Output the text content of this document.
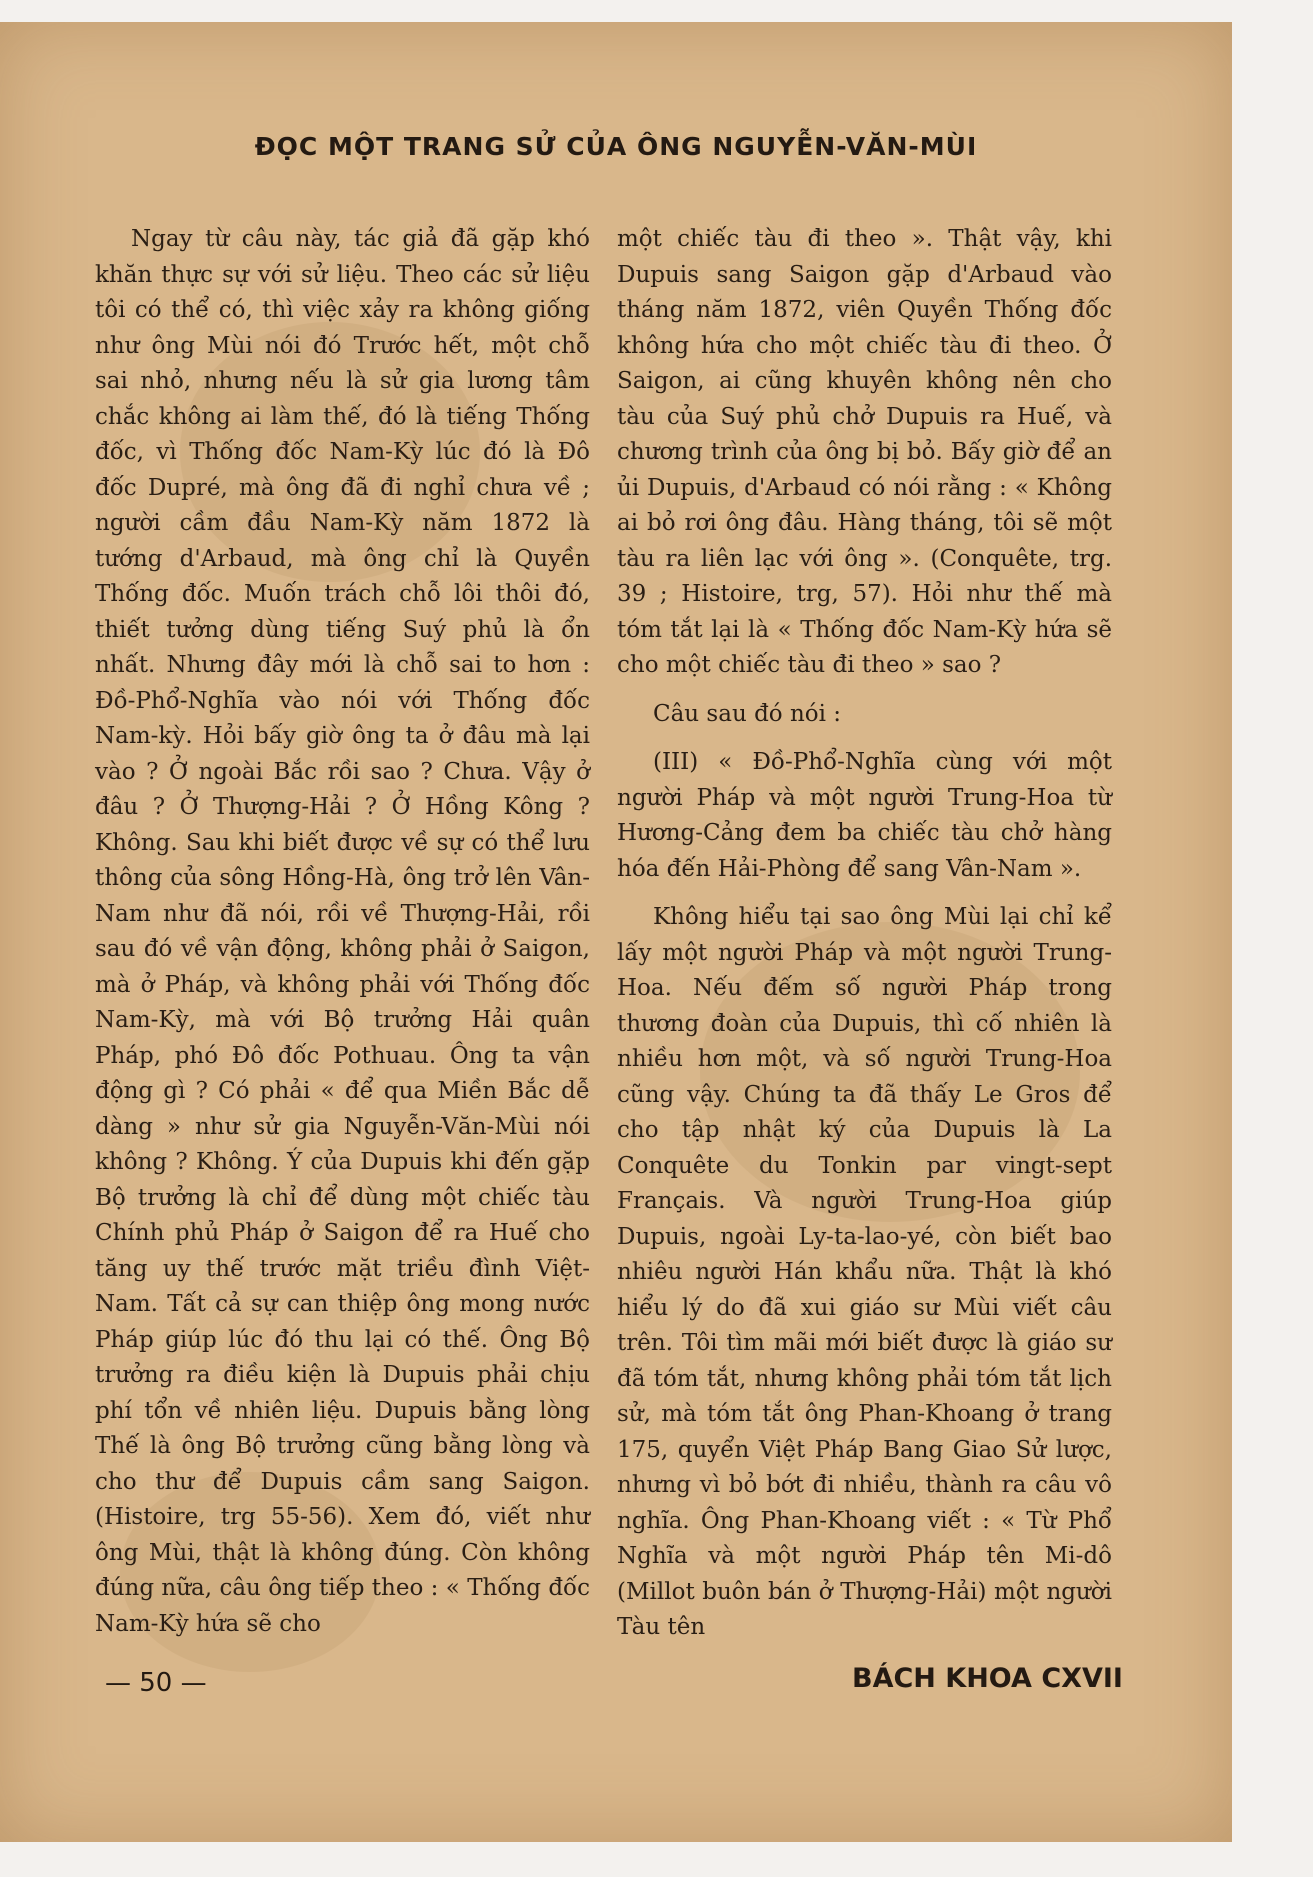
ĐỌC MỘT TRANG SỬ CỦA ÔNG NGUYỄN-VĂN-MÙI

Ngay từ câu này, tác giả đã gặp khó khăn thực sự với sử liệu. Theo các sử liệu tôi có thể có, thì việc xảy ra không giống như ông Mùi nói đó Trước hết, một chỗ sai nhỏ, nhưng nếu là sử gia lương tâm chắc không ai làm thế, đó là tiếng Thống đốc, vì Thống đốc Nam-Kỳ lúc đó là Đô đốc Dupré, mà ông đã đi nghỉ chưa về ; người cầm đầu Nam-Kỳ năm 1872 là tướng d'Arbaud, mà ông chỉ là Quyền Thống đốc. Muốn trách chỗ lôi thôi đó, thiết tưởng dùng tiếng Suý phủ là ổn nhất. Nhưng đây mới là chỗ sai to hơn : Đồ-Phổ-Nghĩa vào nói với Thống đốc Nam-kỳ. Hỏi bấy giờ ông ta ở đâu mà lại vào ? Ở ngoài Bắc rồi sao ? Chưa. Vậy ở đâu ? Ở Thượng-Hải ? Ở Hồng Kông ? Không. Sau khi biết được về sự có thể lưu thông của sông Hồng-Hà, ông trở lên Vân-Nam như đã nói, rồi về Thượng-Hải, rồi sau đó về vận động, không phải ở Saigon, mà ở Pháp, và không phải với Thống đốc Nam-Kỳ, mà với Bộ trưởng Hải quân Pháp, phó Đô đốc Pothuau. Ông ta vận động gì ? Có phải « để qua Miền Bắc dễ dàng » như sử gia Nguyễn-Văn-Mùi nói không ? Không. Ý của Dupuis khi đến gặp Bộ trưởng là chỉ để dùng một chiếc tàu Chính phủ Pháp ở Saigon để ra Huế cho tăng uy thế trước mặt triều đình Việt-Nam. Tất cả sự can thiệp ông mong nước Pháp giúp lúc đó thu lại có thế. Ông Bộ trưởng ra điều kiện là Dupuis phải chịu phí tổn về nhiên liệu. Dupuis bằng lòng Thế là ông Bộ trưởng cũng bằng lòng và cho thư để Dupuis cầm sang Saigon. (Histoire, trg 55-56). Xem đó, viết như ông Mùi, thật là không đúng. Còn không đúng nữa, câu ông tiếp theo : « Thống đốc Nam-Kỳ hứa sẽ cho

một chiếc tàu đi theo ». Thật vậy, khi Dupuis sang Saigon gặp d'Arbaud vào tháng năm 1872, viên Quyền Thống đốc không hứa cho một chiếc tàu đi theo. Ở Saigon, ai cũng khuyên không nên cho tàu của Suý phủ chở Dupuis ra Huế, và chương trình của ông bị bỏ. Bấy giờ để an ủi Dupuis, d'Arbaud có nói rằng : « Không ai bỏ rơi ông đâu. Hàng tháng, tôi sẽ một tàu ra liên lạc với ông ». (Conquête, trg. 39 ; Histoire, trg, 57). Hỏi như thế mà tóm tắt lại là « Thống đốc Nam-Kỳ hứa sẽ cho một chiếc tàu đi theo » sao ?

Câu sau đó nói :

(III) « Đồ-Phổ-Nghĩa cùng với một người Pháp và một người Trung-Hoa từ Hương-Cảng đem ba chiếc tàu chở hàng hóa đến Hải-Phòng để sang Vân-Nam ».

Không hiểu tại sao ông Mùi lại chỉ kể lấy một người Pháp và một người Trung-Hoa. Nếu đếm số người Pháp trong thương đoàn của Dupuis, thì cố nhiên là nhiều hơn một, và số người Trung-Hoa cũng vậy. Chúng ta đã thấy Le Gros để cho tập nhật ký của Dupuis là La Conquête du Tonkin par vingt-sept Français. Và người Trung-Hoa giúp Dupuis, ngoài Ly-ta-lao-yé, còn biết bao nhiêu người Hán khẩu nữa. Thật là khó hiểu lý do đã xui giáo sư Mùi viết câu trên. Tôi tìm mãi mới biết được là giáo sư đã tóm tắt, nhưng không phải tóm tắt lịch sử, mà tóm tắt ông Phan-Khoang ở trang 175, quyển Việt Pháp Bang Giao Sử lược, nhưng vì bỏ bớt đi nhiều, thành ra câu vô nghĩa. Ông Phan-Khoang viết : « Từ Phổ Nghĩa và một người Pháp tên Mi-dô (Millot buôn bán ở Thượng-Hải) một người Tàu tên

— 50 —	BÁCH KHOA CXVII
